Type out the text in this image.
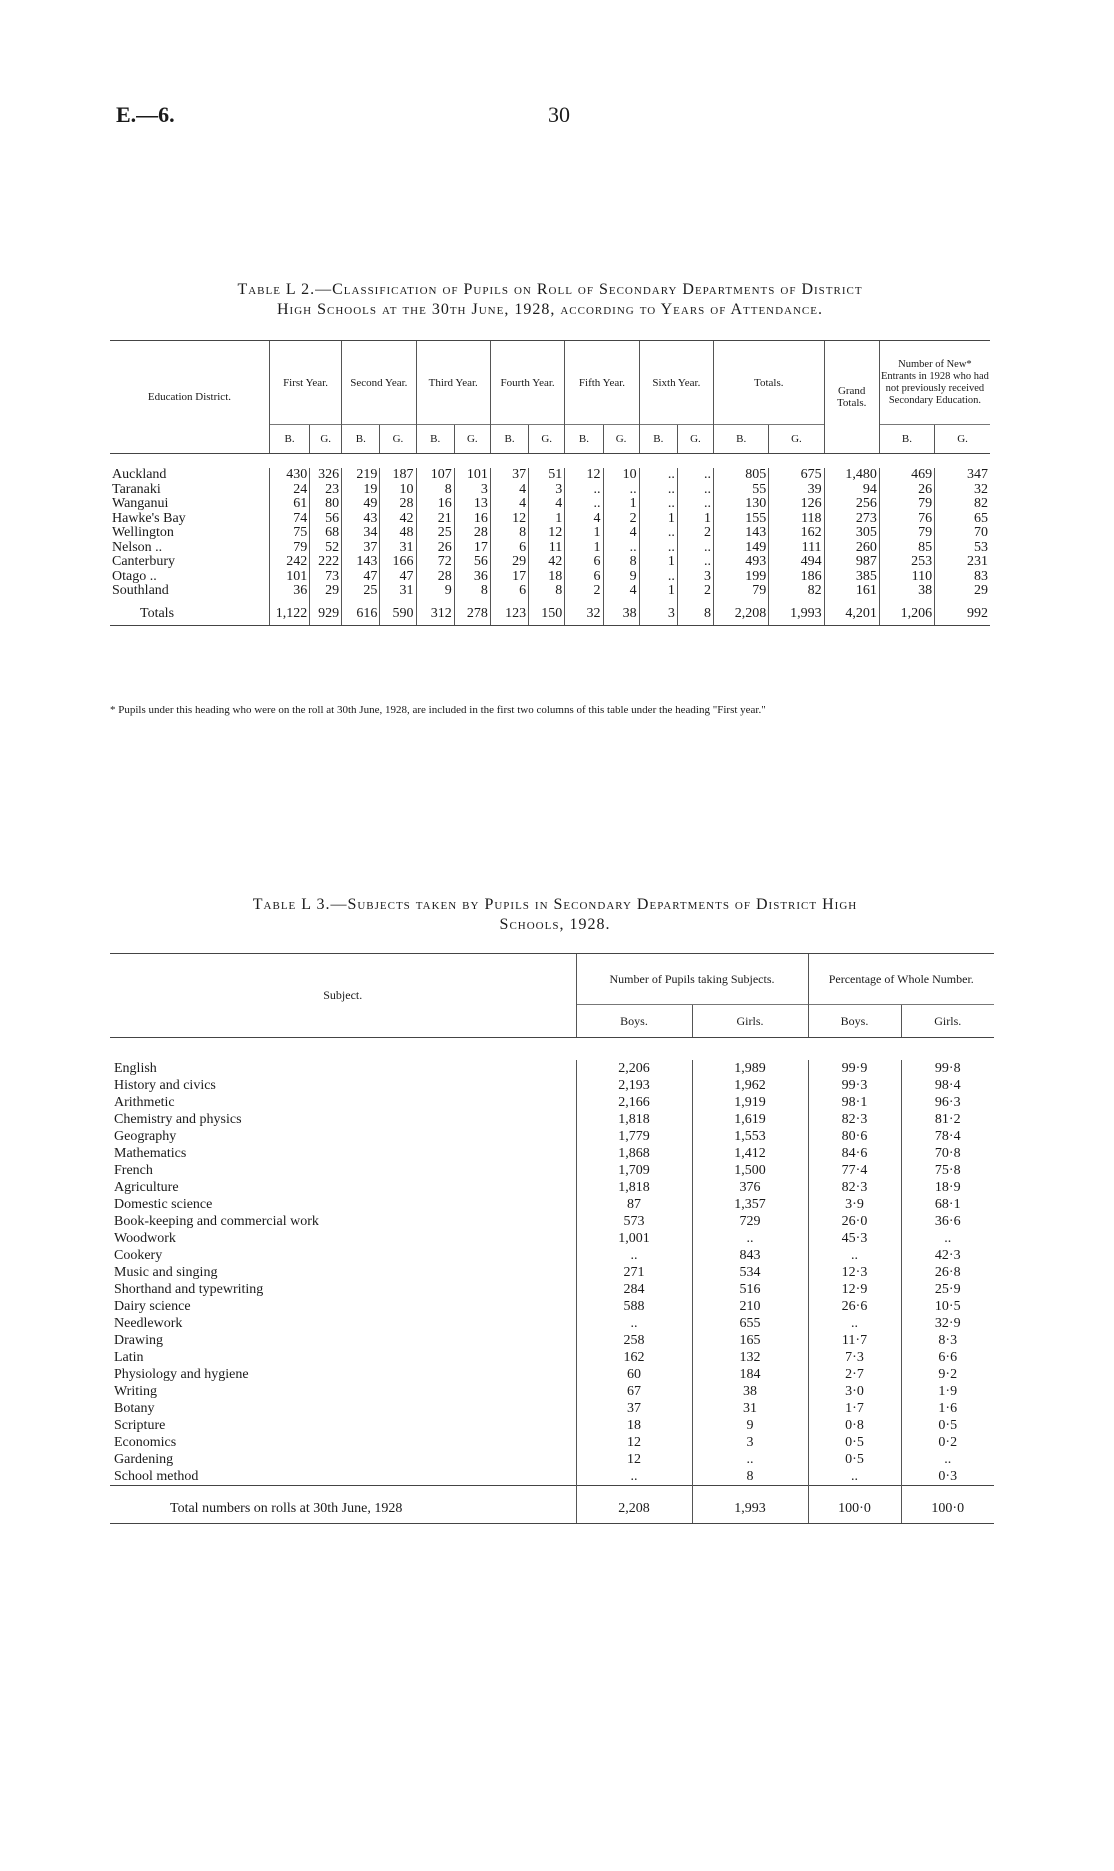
E.—6.	30
Table L 2.—Classification of Pupils on Roll of Secondary Departments of District
High Schools at the 30th June, 1928, according to Years of Attendance.
Education District.	First Year.		Second Year.		Third Year.		Fourth Year.		Fifth Year.		Sixth Year.		Totals.		Grand Totals.	Number of New* Entrants in 1928 who had not previously received Secondary Education.	
	B.	G.	B.	G.	B.	G.	B.	G.	B.	G.	B.	G.	B.	G.		B.	G.

Auckland	430	326	219	187	107	101	37	51	12	10	..	..	805	675	1,480	469	347
Taranaki	24	23	19	10	8	3	4	3	..	..	..	..	55	39	94	26	32
Wanganui	61	80	49	28	16	13	4	4	..	1	..	..	130	126	256	79	82
Hawke's Bay	74	56	43	42	21	16	12	1	4	2	1	1	155	118	273	76	65
Wellington	75	68	34	48	25	28	8	12	1	4	..	2	143	162	305	79	70
Nelson ..	79	52	37	31	26	17	6	11	1	..	..	..	149	111	260	85	53
Canterbury	242	222	143	166	72	56	29	42	6	8	1	..	493	494	987	253	231
Otago ..	101	73	47	47	28	36	17	18	6	9	..	3	199	186	385	110	83
Southland	36	29	25	31	9	8	6	8	2	4	1	2	79	82	161	38	29
Totals	1,122	929	616	590	312	278	123	150	32	38	3	8	2,208	1,993	4,201	1,206	992
* Pupils under this heading who were on the roll at 30th June, 1928, are included in the first two columns of this table under the heading "First year."
Table L 3.—Subjects taken by Pupils in Secondary Departments of District High
Schools, 1928.
Subject.	Number of Pupils taking Subjects.		Percentage of Whole Number.	
	Boys.	Girls.	Boys.	Girls.

English	2,206	1,989	99·9	99·8
History and civics	2,193	1,962	99·3	98·4
Arithmetic	2,166	1,919	98·1	96·3
Chemistry and physics	1,818	1,619	82·3	81·2
Geography	1,779	1,553	80·6	78·4
Mathematics	1,868	1,412	84·6	70·8
French	1,709	1,500	77·4	75·8
Agriculture	1,818	376	82·3	18·9
Domestic science	87	1,357	3·9	68·1
Book-keeping and commercial work	573	729	26·0	36·6
Woodwork	1,001	..	45·3	..
Cookery	..	843	..	42·3
Music and singing	271	534	12·3	26·8
Shorthand and typewriting	284	516	12·9	25·9
Dairy science	588	210	26·6	10·5
Needlework	..	655	..	32·9
Drawing	258	165	11·7	8·3
Latin	162	132	7·3	6·6
Physiology and hygiene	60	184	2·7	9·2
Writing	67	38	3·0	1·9
Botany	37	31	1·7	1·6
Scripture	18	9	0·8	0·5
Economics	12	3	0·5	0·2
Gardening	12	..	0·5	..
School method	..	8	..	0·3
Total numbers on rolls at 30th June, 1928	2,208	1,993	100·0	100·0
